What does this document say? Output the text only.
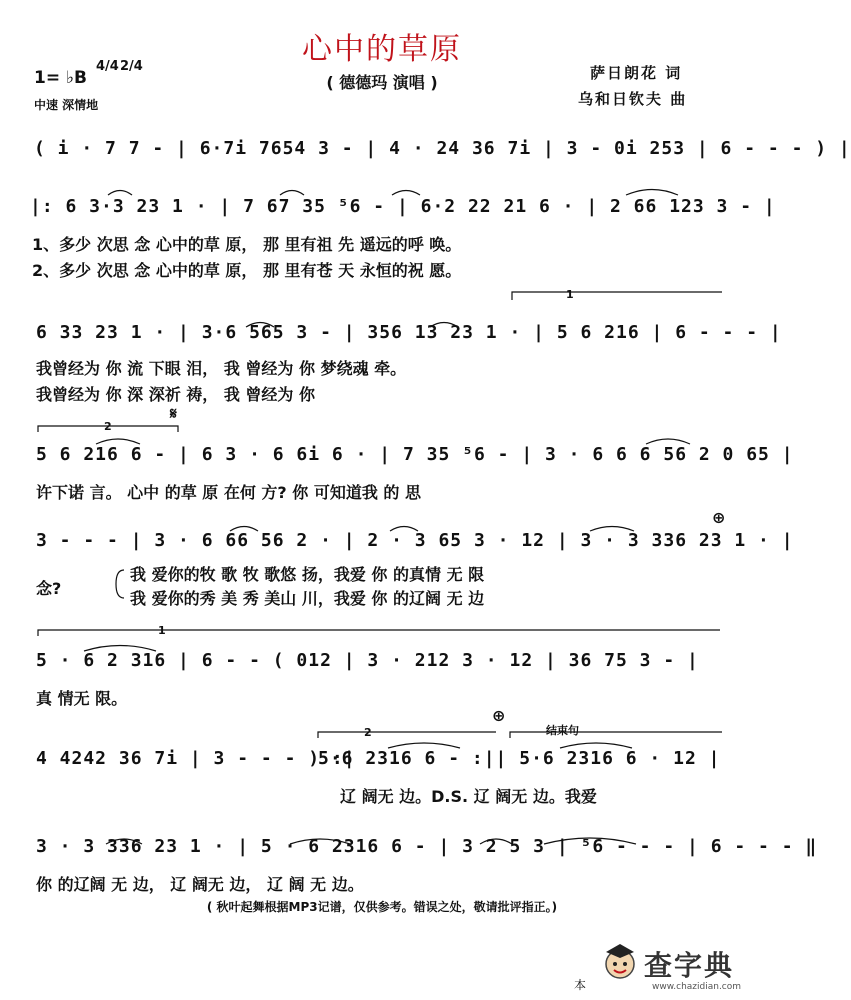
心中的草原
( 德德玛 演唱 )
1= ♭B
4/4 2/4
中速 深情地
萨日朗花 词
乌和日钦夫 曲
( i · 7 7 - | 6·7i 7654 3 - | 4 · 24 36 7i | 3 - 0i 253 | 6 - - - ) |
|: 6 3·3 23 1 · | 7 67 35 ⁵6 - | 6·2 22 21 6 · | 2 66 123 3 - |
1、多少 次思 念 心中的草 原， 那 里有祖 先 遥远的呼 唤。
2、多少 次思 念 心中的草 原， 那 里有苍 天 永恒的祝 愿。
1
6 33 23 1 · | 3·6 565 3 - | 356 13 23 1 · | 5 6 216 | 6 - - - |
我曾经为 你 流 下眼 泪， 我 曾经为 你 梦绕魂 牵。
我曾经为 你 深 深祈 祷， 我 曾经为 你
2
𝄋
5 6 216 6 - | 6 3 · 6 6i 6 · | 7 35 ⁵6 - | 3 · 6 6 6 56 2 0 65 |
许下诺 言。 心中 的草 原 在何 方? 你 可知道我 的 思
⊕
3 - - - | 3 · 6 66 56 2 · | 2 · 3 65 3 · 12 | 3 · 3 336 23 1 · |
念?
我 爱你的牧 歌 牧 歌悠 扬，我爱 你 的真情 无 限
我 爱你的秀 美 秀 美山 川，我爱 你 的辽阔 无 边
1
5 · 6 2 316 | 6 - - ( 012 | 3 · 212 3 · 12 | 36 75 3 - |
真 情无 限。
2
⊕
结束句
4 4242 36 7i | 3 - - - ) :|
5·6 2316 6 - :|| 5·6 2316 6 · 12 |
辽 阔无 边。D.S. 辽 阔无 边。我爱
3 · 3 336 23 1 · | 5 · 6 2316 6 - | 3 2 5 3 | ⁵6 - - - | 6 - - - ‖
你 的辽阔 无 边， 辽 阔无 边， 辽 阔 无 边。
( 秋叶起舞根据MP3记谱，仅供参考。错误之处，敬请批评指正。)
本
查字典
www.chazidian.com
